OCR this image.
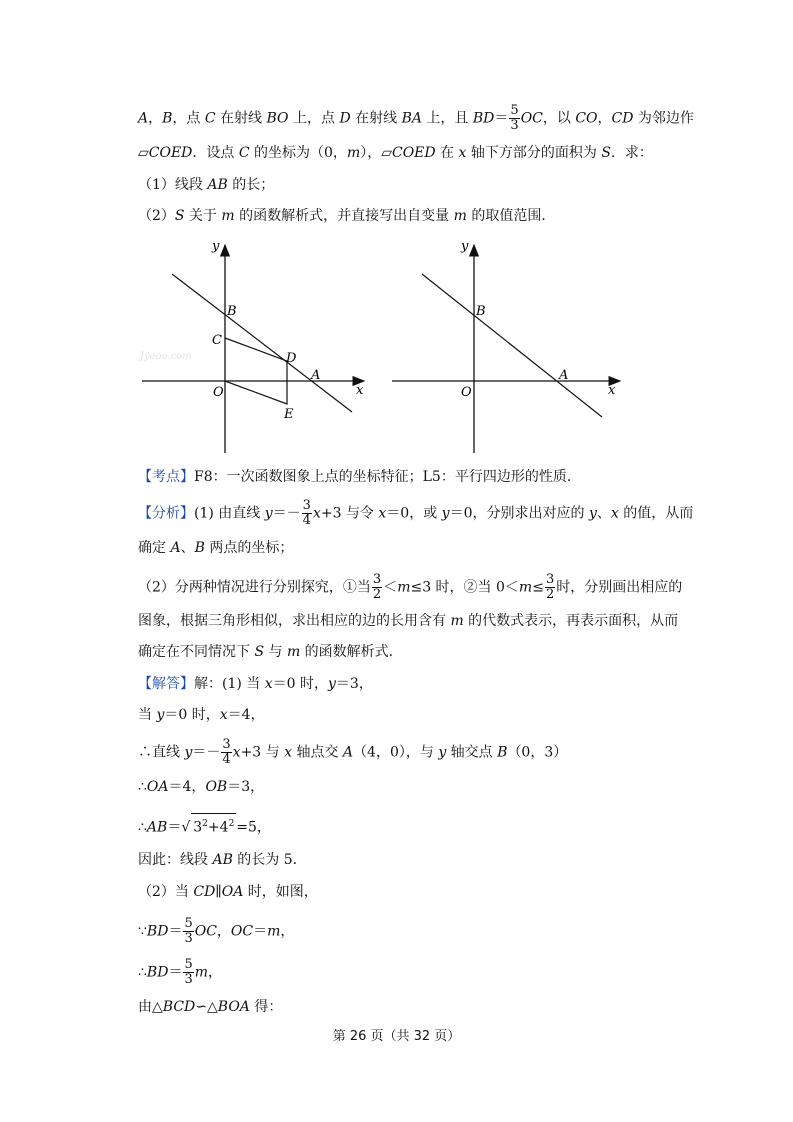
A，B，点 C 在射线 BO 上，点 D 在射线 BA 上，且 $BD= \frac{5}{3}$ OC，以 CO，CD 为邻边作
▱COED．设点 C 的坐标为（0，m），▱COED 在 x 轴下方部分的面积为 S．求：
（1）线段 AB 的长；
（2）S 关于 m 的函数解析式，并直接写出自变量 m 的取值范围．
y
x
B
C
D
A
O
E
Jyeoo.com
y
x
B
A
O
【考点】F8：一次函数图象上点的坐标特征；L5：平行四边形的性质．
【分析】(1) 由直线 $y=- \frac{3}{4} x+3$ 与令 x＝0，或 y＝0，分别求出对应的 y、x 的值，从而
确定 A、B 两点的坐标；
（2）分两种情况进行分别探究，①当 $\frac{3}{2} <m\le 3$ 时，②当 $0<m\le \frac{3}{2}$ 时，分别画出相应的
图象，根据三角形相似，求出相应的边的长用含有 m 的代数式表示，再表示面积，从而
确定在不同情况下 S 与 m 的函数解析式．
【解答】解：(1) 当 x＝0 时，y＝3，
当 y＝0 时，x＝4，
∴直线 $y=- \frac{3}{4} x+3$ 与 x 轴点交 A（4，0），与 y 轴交点 B（0，3）
∴OA＝4，OB＝3，
∴AB＝√ $3^2+4^2 =5$，
因此：线段 AB 的长为 5．
（2）当 CD∥OA 时，如图，
∵BD＝ $\frac{5}{3}$ OC，OC＝m，
∴BD＝ $\frac{5}{3}$ m，
由△BCD∽△BOA 得：
第 26 页（共 32 页）
